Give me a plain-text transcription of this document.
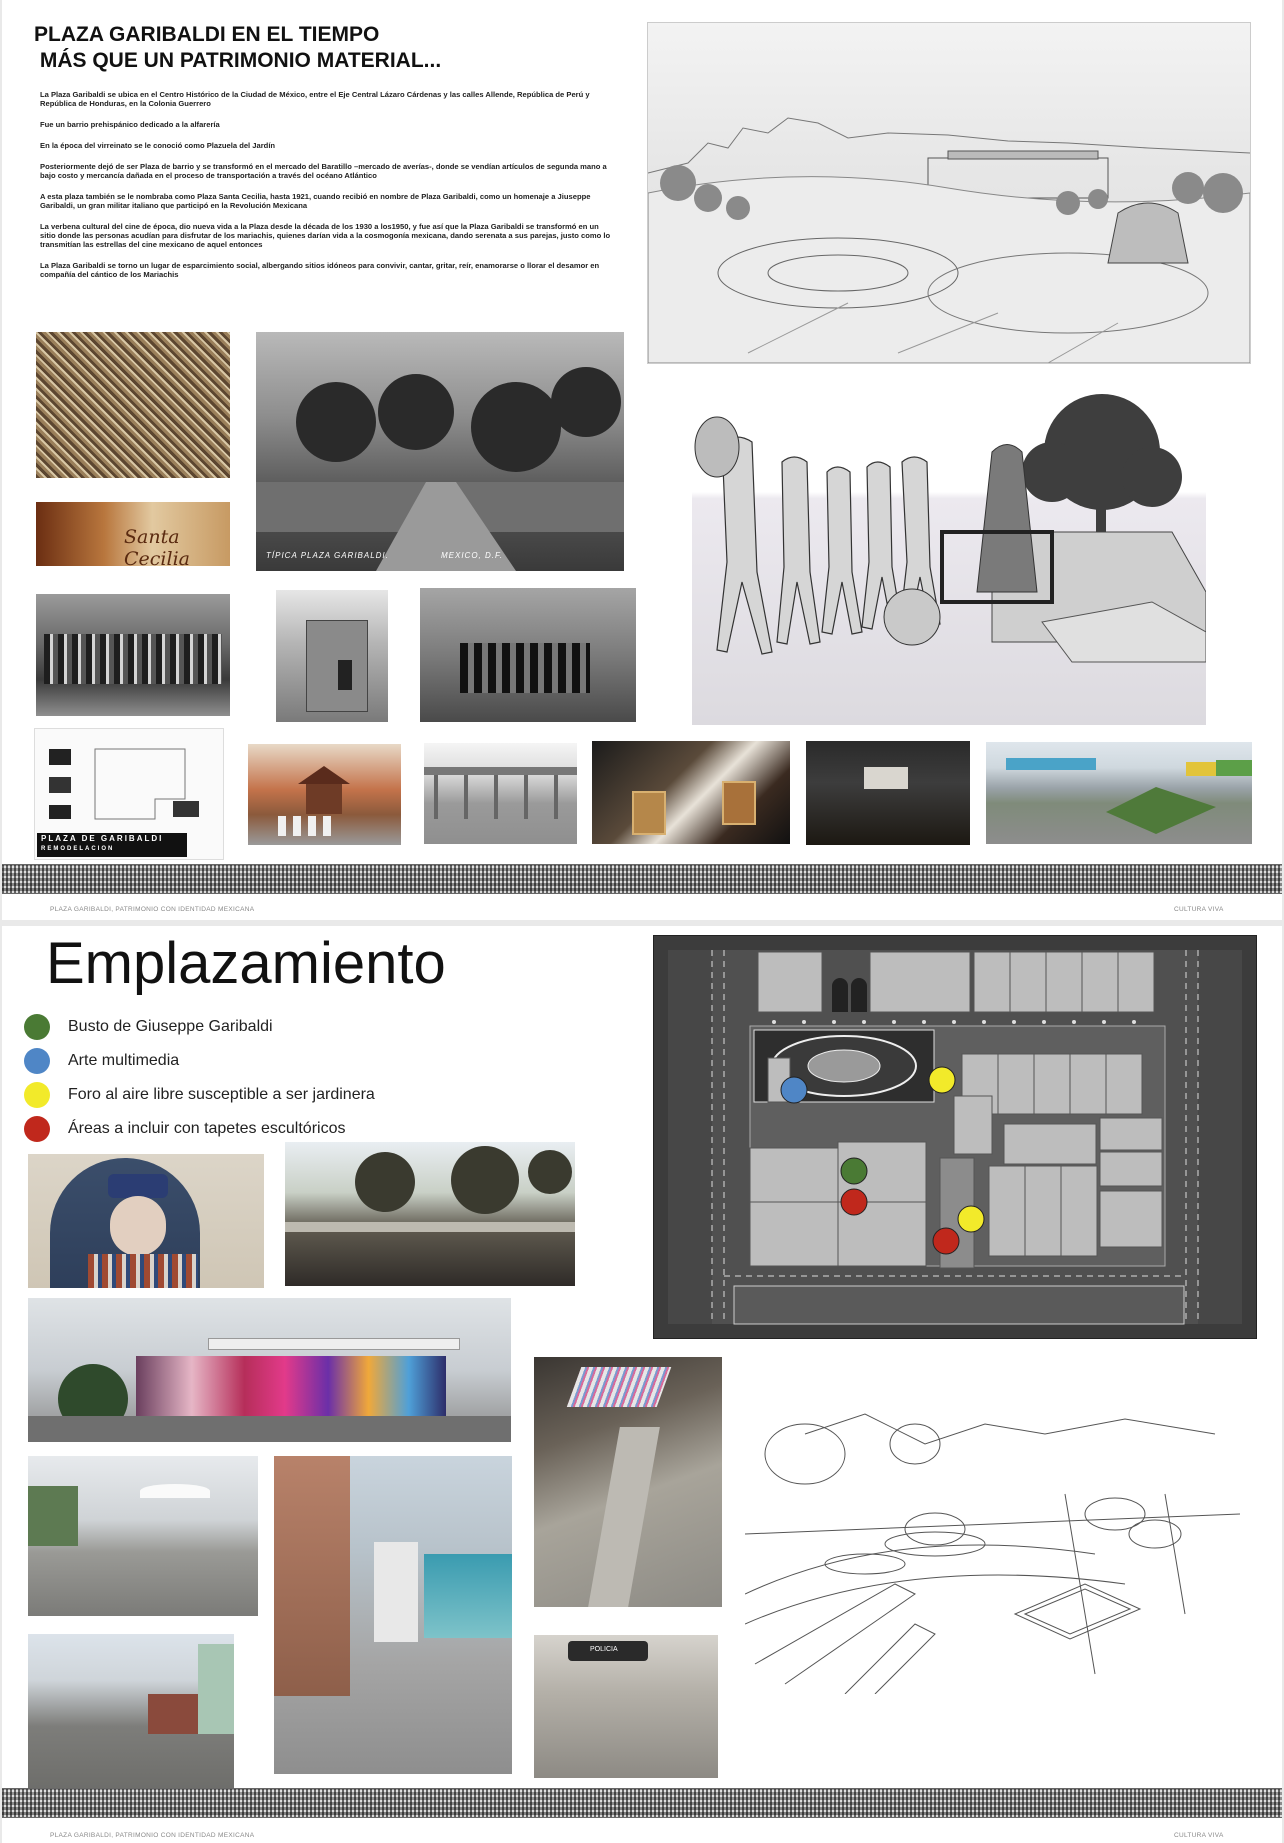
PLAZA GARIBALDI EN EL TIEMPO
MÁS QUE UN PATRIMONIO MATERIAL...

La Plaza Garibaldi se ubica en el Centro Histórico de la Ciudad de México, entre el Eje Central Lázaro Cárdenas y las calles Allende, República de Perú y República de Honduras, en la Colonia Guerrero

Fue un barrio prehispánico dedicado a la alfarería

En la época del virreinato se le conoció como Plazuela del Jardín

Posteriormente dejó de ser Plaza de barrio y se transformó en el mercado del Baratillo –mercado de averías-, donde se vendían artículos de segunda mano a bajo costo y mercancía dañada en el proceso de transportación a través del océano Atlántico

A esta plaza también se le nombraba como Plaza Santa Cecilia, hasta 1921, cuando recibió en nombre de Plaza Garibaldi, como un homenaje a Jiuseppe Garibaldi, un gran militar italiano que participó en la Revolución Mexicana

La verbena cultural del cine de época, dio nueva vida a la Plaza desde la década de los 1930 a los1950, y fue así que la Plaza Garibaldi se transformó en un sitio donde las personas acudían para disfrutar de los mariachis, quienes darían vida a la cosmogonía mexicana, dando serenata a sus parejas, justo como lo transmitían las estrellas del cine mexicano de aquel entonces

La Plaza Garibaldi se torno un lugar de esparcimiento social, albergando sitios idóneos para convivir, cantar, gritar, reír, enamorarse o llorar el desamor en compañía del cántico de los Mariachis

Santa Cecilia	TÍPICA PLAZA GARIBALDI.	MEXICO, D.F.
PLAZA DE GARIBALDI
REMODELACION
PLAZA GARIBALDI, PATRIMONIO CON IDENTIDAD MEXICANA	CULTURA VIVA
Emplazamiento
Busto de Giuseppe Garibaldi
Arte multimedia
Foro al aire libre susceptible a ser jardinera
Áreas a incluir con tapetes escultóricos
POLICIA
PLAZA GARIBALDI, PATRIMONIO CON IDENTIDAD MEXICANA	CULTURA VIVA
